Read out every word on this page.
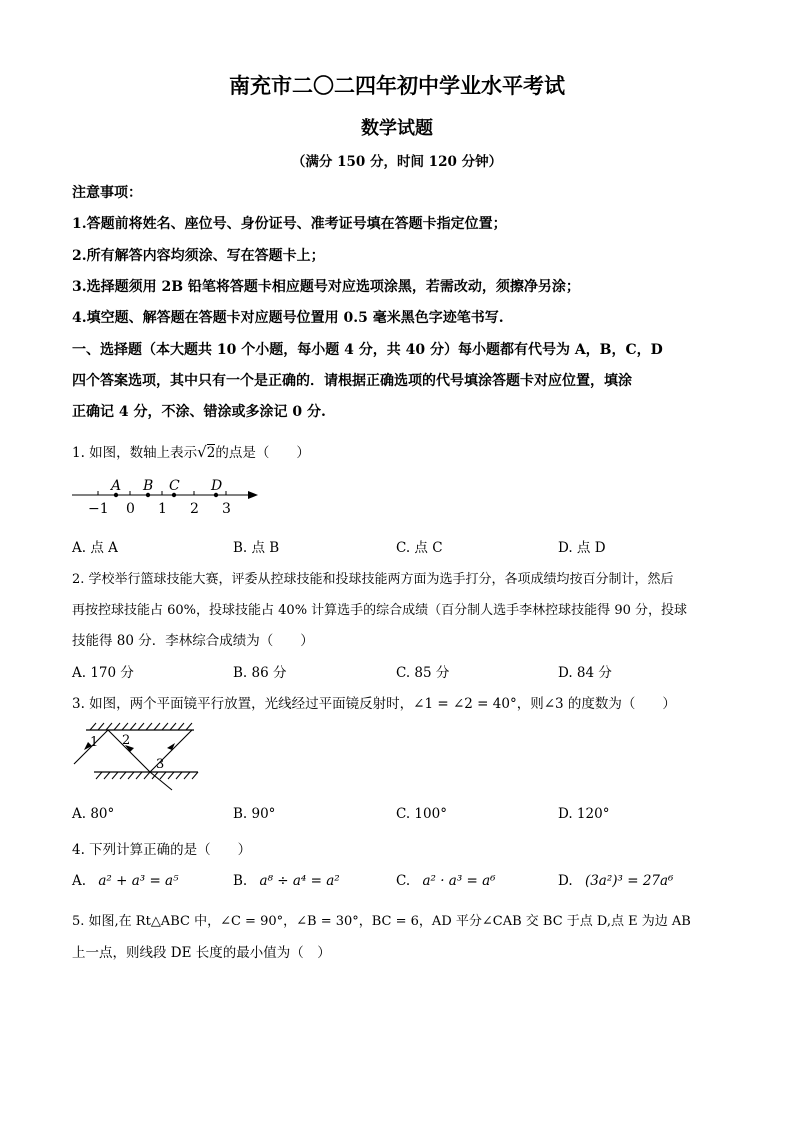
南充市二〇二四年初中学业水平考试
数学试题
（满分 150 分，时间 120 分钟）
注意事项：
1.答题前将姓名、座位号、身份证号、准考证号填在答题卡指定位置；
2.所有解答内容均须涂、写在答题卡上；
3.选择题须用 2B 铅笔将答题卡相应题号对应选项涂黑，若需改动，须擦净另涂；
4.填空题、解答题在答题卡对应题号位置用 0.5 毫米黑色字迹笔书写.
一、选择题（本大题共 10 个小题，每小题 4 分，共 40 分）每小题都有代号为 A，B，C，D
四个答案选项，其中只有一个是正确的．请根据正确选项的代号填涂答题卡对应位置，填涂
正确记 4 分，不涂、错涂或多涂记 0 分.
1. 如图，数轴上表示√2的点是（　　）
A B C D
−1 0 1 2 3
A. 点 A	B. 点 B	C. 点 C	D. 点 D
2. 学校举行篮球技能大赛，评委从控球技能和投球技能两方面为选手打分，各项成绩均按百分制计，然后
再按控球技能占 60%，投球技能占 40% 计算选手的综合成绩（百分制人选手李林控球技能得 90 分，投球
技能得 80 分．李林综合成绩为（　　）
A. 170 分	B. 86 分	C. 85 分	D. 84 分
3. 如图，两个平面镜平行放置，光线经过平面镜反射时，∠1 = ∠2 = 40°，则∠3 的度数为（　　）
1 2
3
A. 80°	B. 90°	C. 100°	D. 120°
4. 下列计算正确的是（　　）
A. a² + a³ = a⁵	B. a⁸ ÷ a⁴ = a²	C. a² · a³ = a⁶	D. (3a²)³ = 27a⁶
5. 如图,在 Rt△ABC 中，∠C = 90°，∠B = 30°，BC = 6，AD 平分∠CAB 交 BC 于点 D,点 E 为边 AB
上一点，则线段 DE 长度的最小值为（　）
